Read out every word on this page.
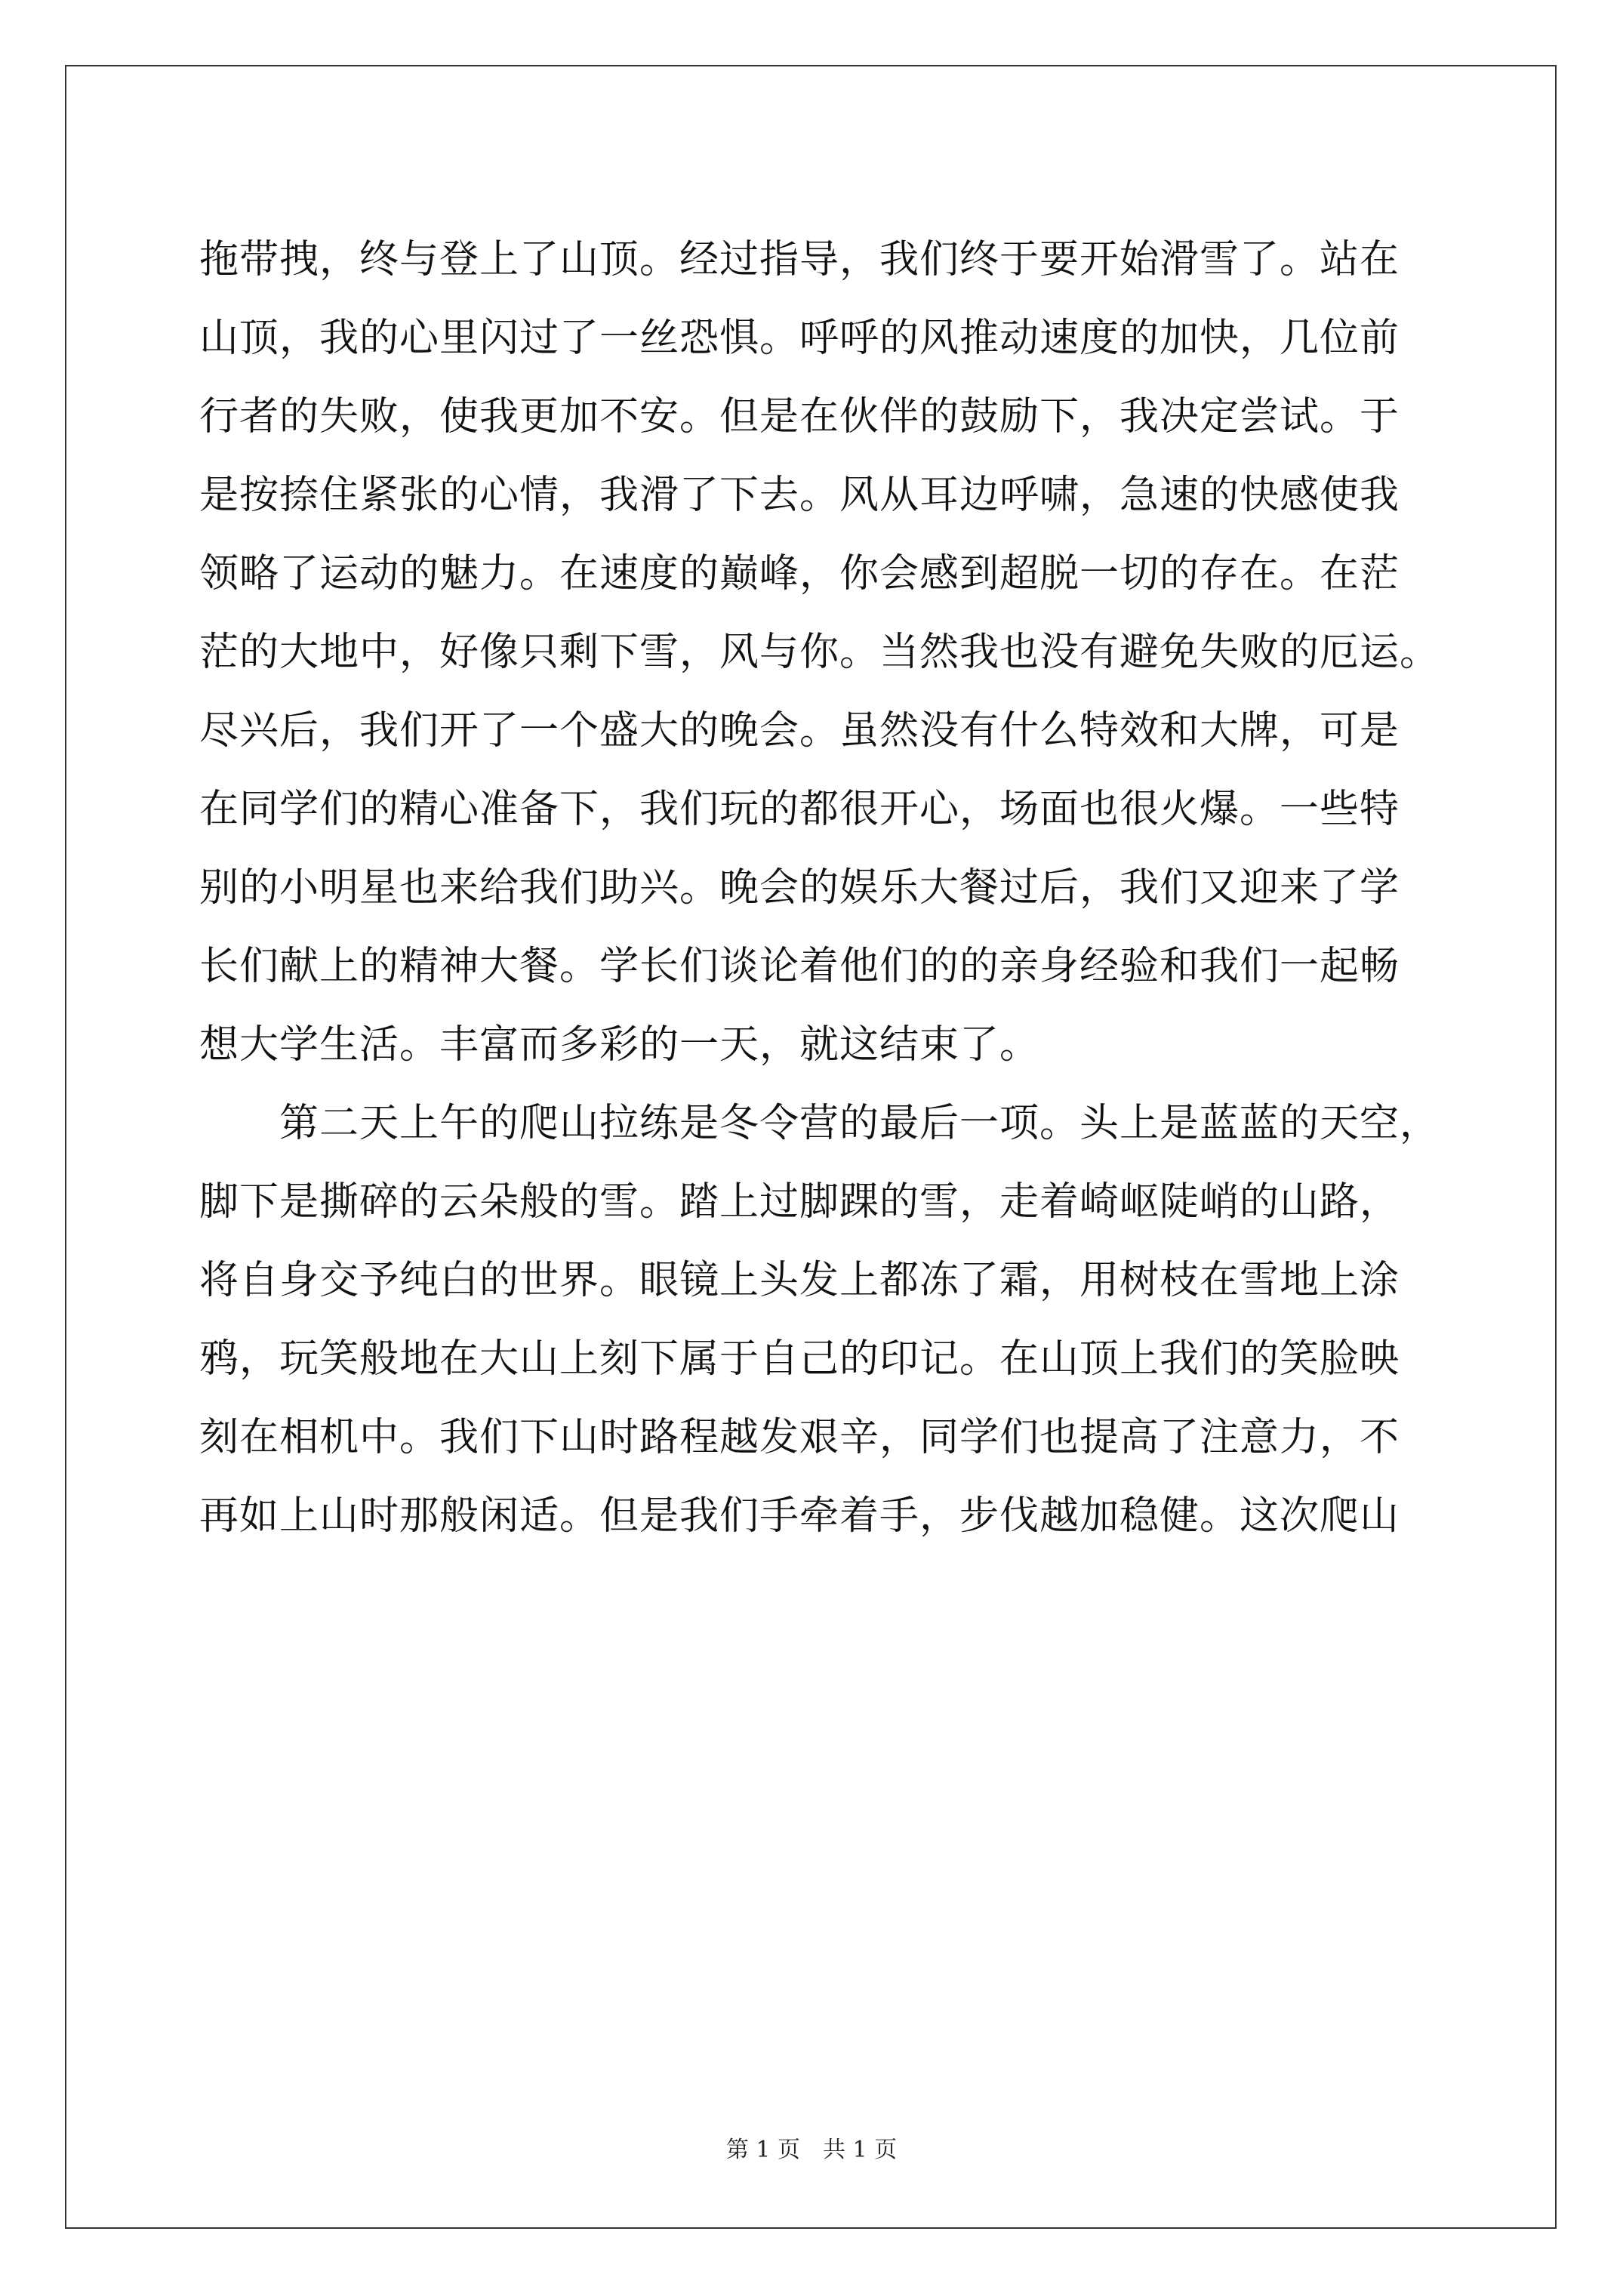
拖带拽，终与登上了山顶。经过指导，我们终于要开始滑雪了。站在
山顶，我的心里闪过了一丝恐惧。呼呼的风推动速度的加快，几位前
行者的失败，使我更加不安。但是在伙伴的鼓励下，我决定尝试。于
是按捺住紧张的心情，我滑了下去。风从耳边呼啸，急速的快感使我
领略了运动的魅力。在速度的巅峰，你会感到超脱一切的存在。在茫
茫的大地中，好像只剩下雪，风与你。当然我也没有避免失败的厄运。
尽兴后，我们开了一个盛大的晚会。虽然没有什么特效和大牌，可是
在同学们的精心准备下，我们玩的都很开心，场面也很火爆。一些特
别的小明星也来给我们助兴。晚会的娱乐大餐过后，我们又迎来了学
长们献上的精神大餐。学长们谈论着他们的的亲身经验和我们一起畅
想大学生活。丰富而多彩的一天，就这结束了。
第二天上午的爬山拉练是冬令营的最后一项。头上是蓝蓝的天空，
脚下是撕碎的云朵般的雪。踏上过脚踝的雪，走着崎岖陡峭的山路，
将自身交予纯白的世界。眼镜上头发上都冻了霜，用树枝在雪地上涂
鸦，玩笑般地在大山上刻下属于自己的印记。在山顶上我们的笑脸映
刻在相机中。我们下山时路程越发艰辛，同学们也提高了注意力，不
再如上山时那般闲适。但是我们手牵着手，步伐越加稳健。这次爬山
第 1 页　共 1 页
